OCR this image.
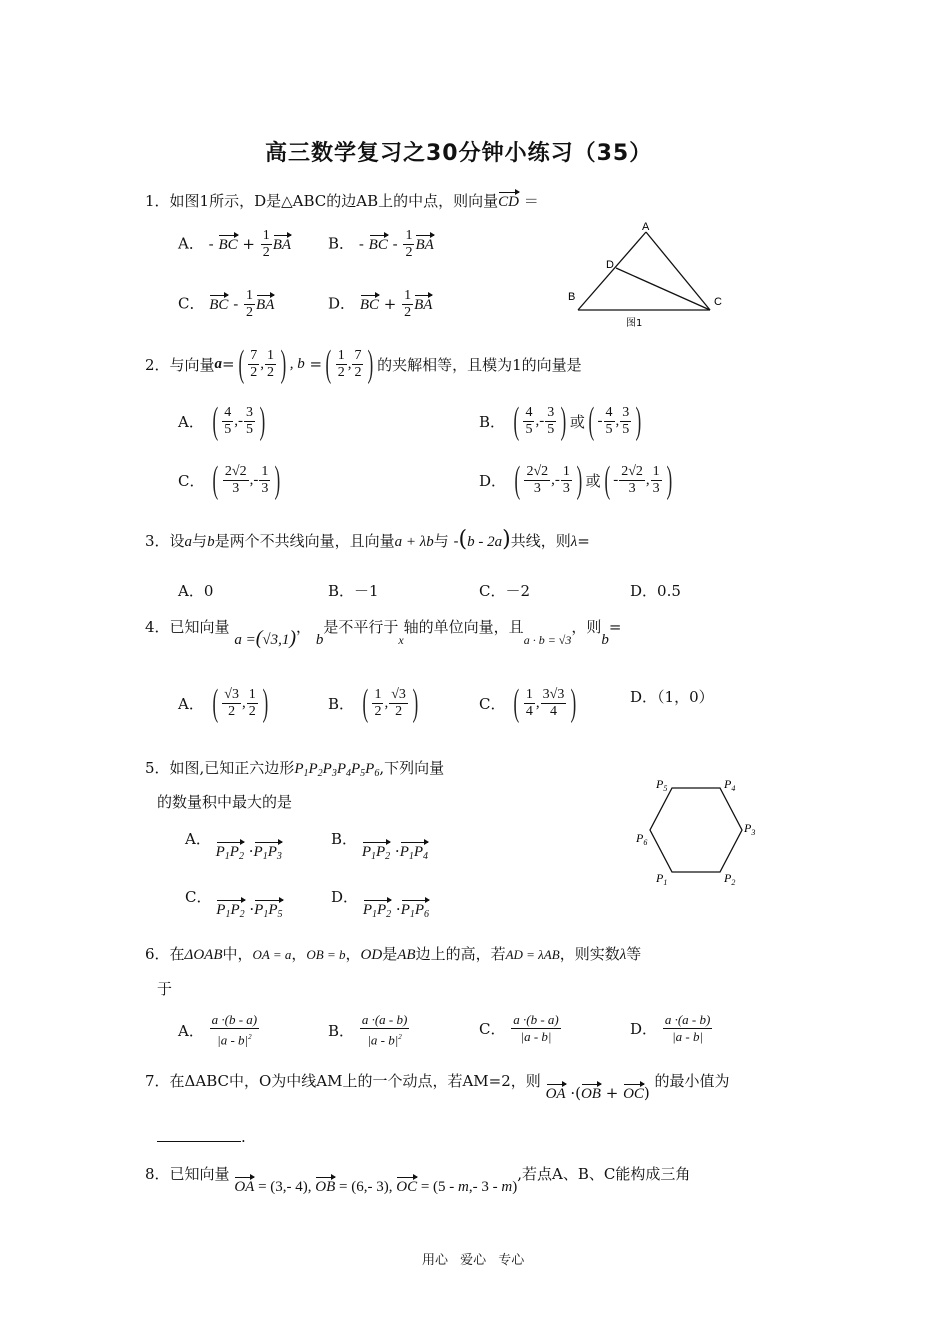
高三数学复习之30分钟小练习（35）
1．如图1所示，D是△ABC的边AB上的中点，则向量CD ＝
A． - BC + $\frac{1}{2}$ BA B． - BC - $\frac{1}{2}$ BA
C． BC - $\frac{1}{2}$ BA	D． BC + $\frac{1}{2}$ BA
A
D
B	C
图1
2．与向量 a = ( $\frac{7}{2}$ , $\frac{1}{2}$ ) , b = ( $\frac{1}{2}$ , $\frac{7}{2}$ ) 的夹解相等，且模为1的向量是
A．
( $\frac{4}{5}$ ,- $\frac{3}{5}$ )	B．
( $\frac{4}{5}$ ,- $\frac{3}{5}$ ) 或 ( - $\frac{4}{5}$ , $\frac{3}{5}$ )
C．
( $\frac{2√2}{3}$ ,- $\frac{1}{3}$ )	D．
( $\frac{2√2}{3}$ ,- $\frac{1}{3}$ ) 或 ( - $\frac{2√2}{3}$ , $\frac{1}{3}$ )
3．设a与b是两个不共线向量，且向量a + λb与 -(b - 2a)共线，则λ=
A．0	B．－1	C．－2	D．0.5
4．已知向量 a =(√3,1)， b是不平行于$_x$轴的单位向量，且$_{a \cdot b = √3}$，则b=
A．
( $\frac{√3}{2}$ , $\frac{1}{2}$ )	B．
( $\frac{1}{2}$ , $\frac{√3}{2}$ )	C．
( $\frac{1}{4}$ , $\frac{3√3}{4}$ )	D．（1，0）
5．如图,已知正六边形$P_1P_2P_3P_4P_5P_6$,下列向量
的数量积中最大的是
A． $P_1P_2 \cdot P_1P_3$
B． $P_1P_2 \cdot P_1P_4$
C． $P_1P_2 \cdot P_1P_5$
D． $P_1P_2 \cdot P_1P_6$
$P_5$	$P_4$
$P_3$
$P_6$
$P_1$	$P_2$
6．在ΔOAB中，OA = a，OB = b，OD是AB边上的高，若AD = λAB，则实数λ等
于
A．
$\frac{a \cdot(b - a)}{|a - b|^2}$	B．
$\frac{a \cdot(a - b)}{|a - b|^2}$	C．
$\frac{a \cdot(b - a)}{|a - b|}$	D．
$\frac{a \cdot(a - b)}{|a - b|}$
7．在ΔABC中，O为中线AM上的一个动点，若AM=2，则 OA ·(OB + OC) 的最小值为
.
8．已知向量 OA = (3,- 4), OB = (6,- 3), OC = (5 - m,- 3 - m),若点A、B、C能构成三角
用心 爱心 专心
